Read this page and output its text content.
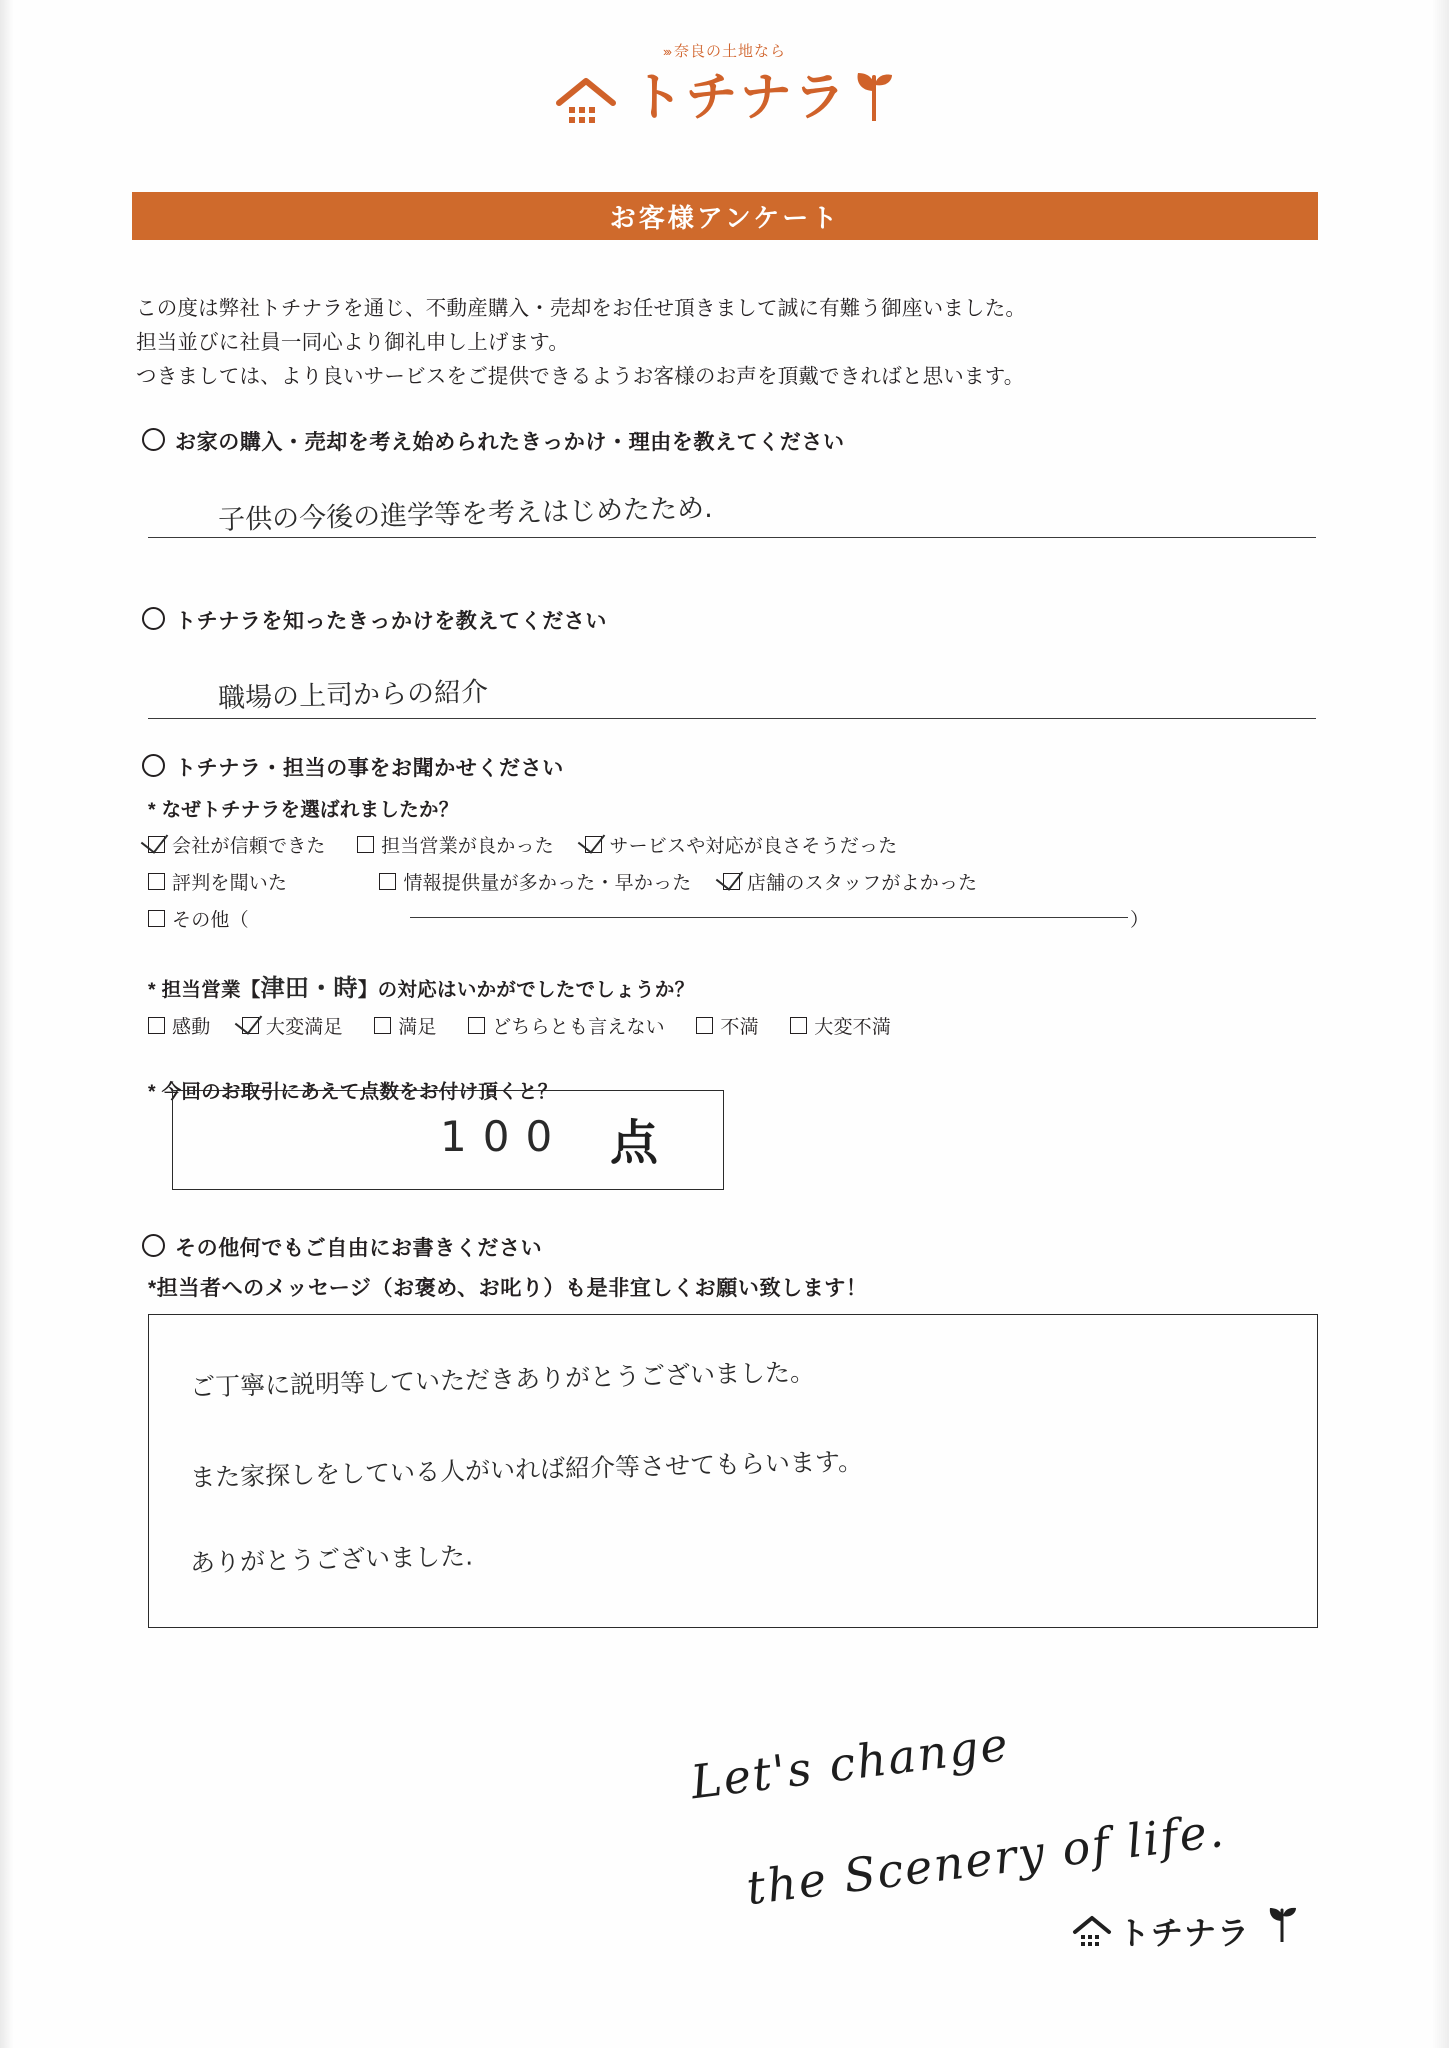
››› 奈良の土地なら
トチナラ
お客様アンケート
この度は弊社トチナラを通じ、不動産購入・売却をお任せ頂きまして誠に有難う御座いました。
担当並びに社員一同心より御礼申し上げます。
つきましては、より良いサービスをご提供できるようお客様のお声を頂戴できればと思います。
お家の購入・売却を考え始められたきっかけ・理由を教えてください
子供の今後の進学等を考えはじめたため.
トチナラを知ったきっかけを教えてください
職場の上司からの紹介
トチナラ・担当の事をお聞かせください
* なぜトチナラを選ばれましたか？
会社が信頼できた	担当営業が良かった	サービスや対応が良さそうだった
評判を聞いた	情報提供量が多かった・早かった	店舗のスタッフがよかった
その他（	）
* 担当営業【津田・時】の対応はいかがでしたでしょうか？
感動	大変満足	満足	どちらとも言えない	不満	大変不満
* 今回のお取引にあえて点数をお付け頂くと？
100 点
その他何でもご自由にお書きください
*担当者へのメッセージ（お褒め、お叱り）も是非宜しくお願い致します！
ご丁寧に説明等していただきありがとうございました。
また家探しをしている人がいれば紹介等させてもらいます。
ありがとうございました.
Let's change
the Scenery of life.
トチナラ
